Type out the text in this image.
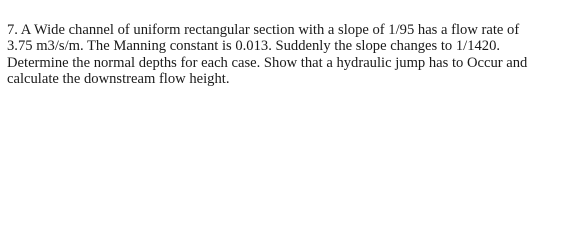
7. A Wide channel of uniform rectangular section with a slope of 1/95 has a flow rate of
3.75 m3/s/m. The Manning constant is 0.013. Suddenly the slope changes to 1/1420.
Determine the normal depths for each case. Show that a hydraulic jump has to Occur and
calculate the downstream flow height.
